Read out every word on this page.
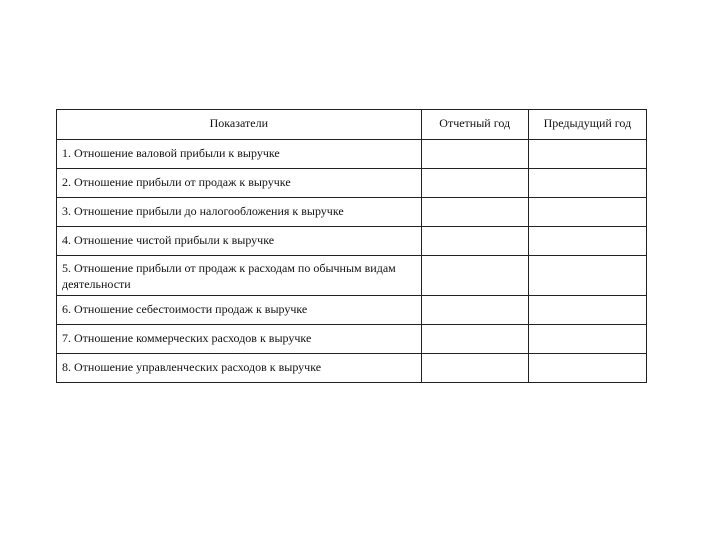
Показатели	Отчетный год	Предыдущий год
1. Отношение валовой прибыли к выручке		
2. Отношение прибыли от продаж к выручке		
3. Отношение прибыли до налогообложения к выручке		
4. Отношение чистой прибыли к выручке		
5. Отношение прибыли от продаж к расходам по обычным видам деятельности		
6. Отношение себестоимости продаж к выручке		
7. Отношение коммерческих расходов к выручке		
8. Отношение управленческих расходов к выручке		
